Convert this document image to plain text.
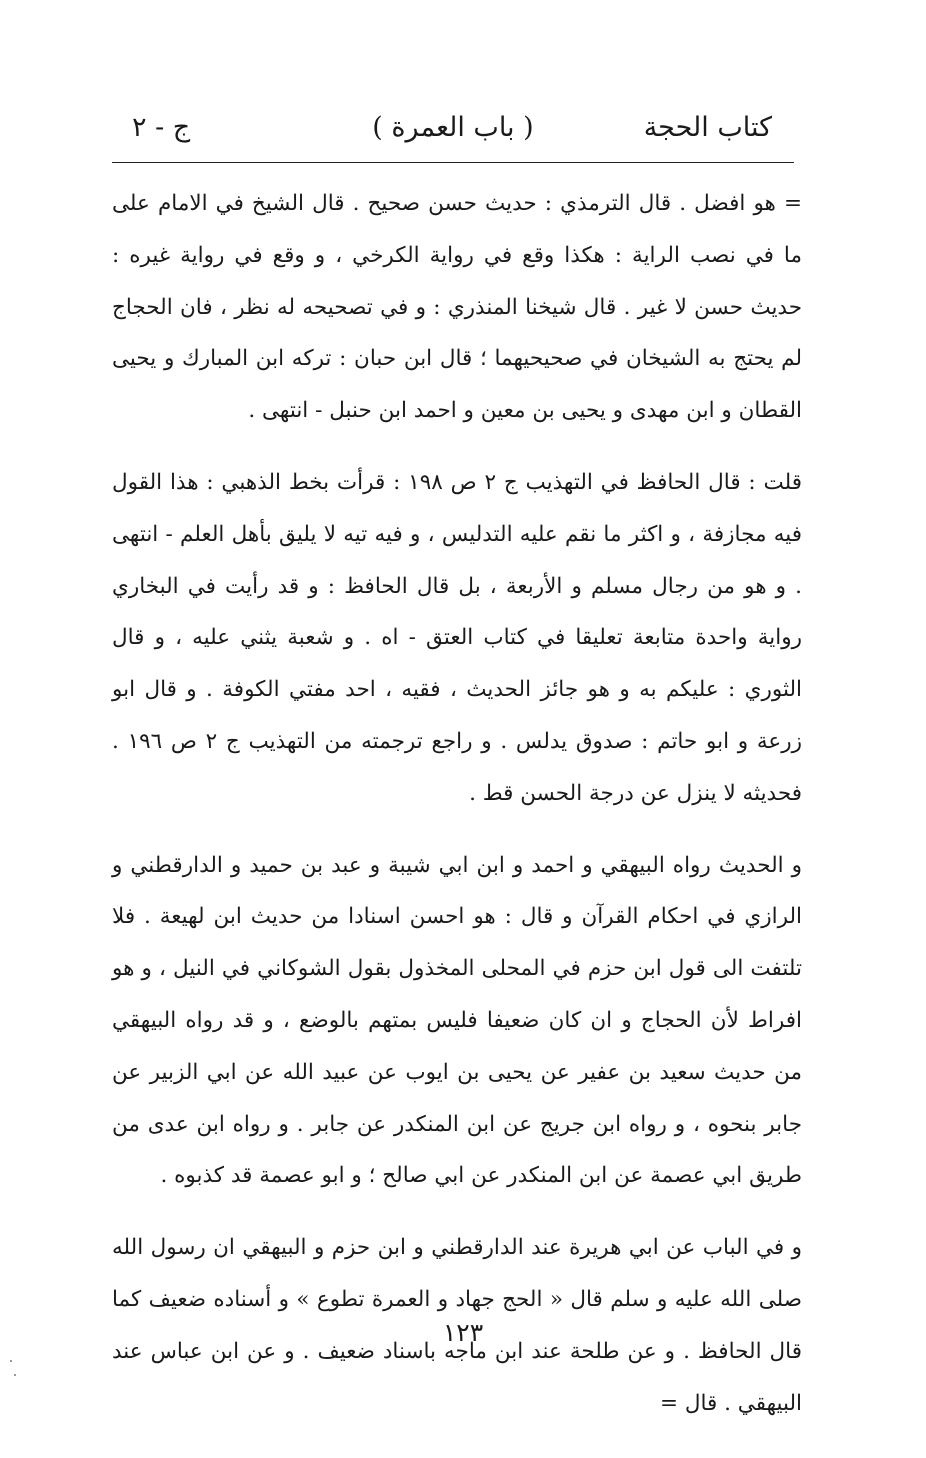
كتاب الحجة
( باب العمرة )
ج - ٢

= هو افضل . قال الترمذي : حديث حسن صحيح . قال الشيخ في الامام على ما في نصب الراية : هكذا وقع في رواية الكرخي ، و وقع في رواية غيره : حديث حسن لا غير . قال شيخنا المنذري : و في تصحيحه له نظر ، فان الحجاج لم يحتج به الشيخان في صحيحيهما ؛ قال ابن حبان : تركه ابن المبارك و يحيى القطان و ابن مهدى و يحيى بن معين و احمد ابن حنبل - انتهى .

قلت : قال الحافظ في التهذيب ج ٢ ص ١٩٨ : قرأت بخط الذهبي : هذا القول فيه مجازفة ، و اكثر ما نقم عليه التدليس ، و فيه تيه لا يليق بأهل العلم - انتهى . و هو من رجال مسلم و الأربعة ، بل قال الحافظ : و قد رأيت في البخاري رواية واحدة متابعة تعليقا في كتاب العتق - اه . و شعبة يثني عليه ، و قال الثوري : عليكم به و هو جائز الحديث ، فقيه ، احد مفتي الكوفة . و قال ابو زرعة و ابو حاتم : صدوق يدلس . و راجع ترجمته من التهذيب ج ٢ ص ١٩٦ . فحديثه لا ينزل عن درجة الحسن قط .

و الحديث رواه البيهقي و احمد و ابن ابي شيبة و عبد بن حميد و الدارقطني و الرازي في احكام القرآن و قال : هو احسن اسنادا من حديث ابن لهيعة . فلا تلتفت الى قول ابن حزم في المحلى المخذول بقول الشوكاني في النيل ، و هو افراط لأن الحجاج و ان كان ضعيفا فليس بمتهم بالوضع ، و قد رواه البيهقي من حديث سعيد بن عفير عن يحيى بن ايوب عن عبيد الله عن ابي الزبير عن جابر بنحوه ، و رواه ابن جريج عن ابن المنكدر عن جابر . و رواه ابن عدى من طريق ابي عصمة عن ابن المنكدر عن ابي صالح ؛ و ابو عصمة قد كذبوه .

و في الباب عن ابي هريرة عند الدارقطني و ابن حزم و البيهقي ان رسول الله صلى الله عليه و سلم قال « الحج جهاد و العمرة تطوع » و أسناده ضعيف كما قال الحافظ . و عن طلحة عند ابن ماجه باسناد ضعيف . و عن ابن عباس عند البيهقي . قال =

١٢٣
